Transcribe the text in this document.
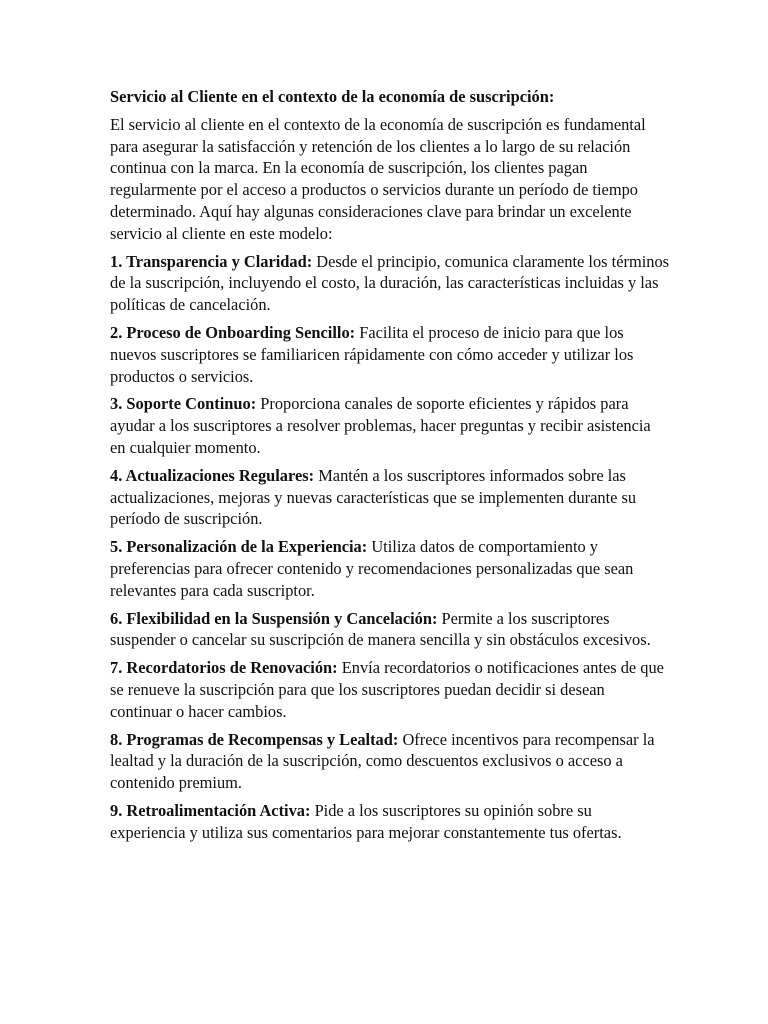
Servicio al Cliente en el contexto de la economía de suscripción:

El servicio al cliente en el contexto de la economía de suscripción es fundamental para asegurar la satisfacción y retención de los clientes a lo largo de su relación continua con la marca. En la economía de suscripción, los clientes pagan regularmente por el acceso a productos o servicios durante un período de tiempo determinado. Aquí hay algunas consideraciones clave para brindar un excelente servicio al cliente en este modelo:

1. Transparencia y Claridad: Desde el principio, comunica claramente los términos de la suscripción, incluyendo el costo, la duración, las características incluidas y las políticas de cancelación.
2. Proceso de Onboarding Sencillo: Facilita el proceso de inicio para que los nuevos suscriptores se familiaricen rápidamente con cómo acceder y utilizar los productos o servicios.
3. Soporte Continuo: Proporciona canales de soporte eficientes y rápidos para ayudar a los suscriptores a resolver problemas, hacer preguntas y recibir asistencia en cualquier momento.
4. Actualizaciones Regulares: Mantén a los suscriptores informados sobre las actualizaciones, mejoras y nuevas características que se implementen durante su período de suscripción.
5. Personalización de la Experiencia: Utiliza datos de comportamiento y preferencias para ofrecer contenido y recomendaciones personalizadas que sean relevantes para cada suscriptor.
6. Flexibilidad en la Suspensión y Cancelación: Permite a los suscriptores suspender o cancelar su suscripción de manera sencilla y sin obstáculos excesivos.
7. Recordatorios de Renovación: Envía recordatorios o notificaciones antes de que se renueve la suscripción para que los suscriptores puedan decidir si desean continuar o hacer cambios.
8. Programas de Recompensas y Lealtad: Ofrece incentivos para recompensar la lealtad y la duración de la suscripción, como descuentos exclusivos o acceso a contenido premium.
9. Retroalimentación Activa: Pide a los suscriptores su opinión sobre su experiencia y utiliza sus comentarios para mejorar constantemente tus ofertas.
